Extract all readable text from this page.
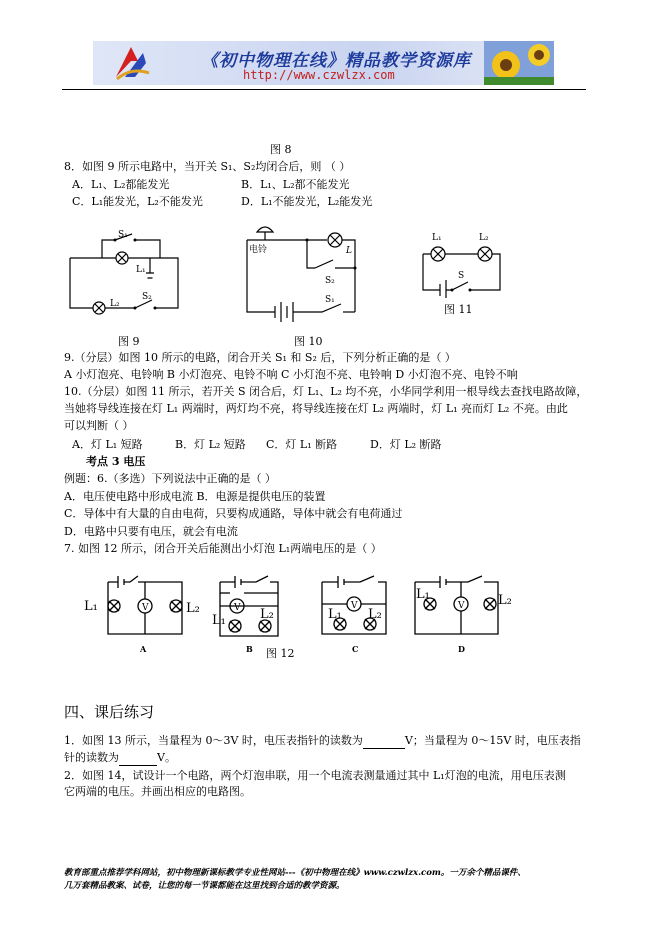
《初中物理在线》精品教学资源库
http://www.czwlzx.com
图 8
8．如图 9 所示电路中，当开关 S₁、S₂均闭合后，则 （ ）
A．L₁、L₂都能发光	B．L₁、L₂都不能发光
C．L₁能发光，L₂不能发光	D．L₁不能发光，L₂能发光
S₁
L₁
L₂
S₂
电铃	L
S₂
S₁
L₁	L₂
S
图 9	图 10
图 11
9.（分层）如图 10 所示的电路，闭合开关 S₁ 和 S₂ 后，下列分析正确的是（ ）
A 小灯泡亮、电铃响 B 小灯泡亮、电铃不响 C 小灯泡不亮、电铃响 D 小灯泡不亮、电铃不响
10.（分层）如图 11 所示，若开关 S 闭合后，灯 L₁、L₂ 均不亮，小华同学利用一根导线去查找电路故障，
当她将导线连接在灯 L₁ 两端时，两灯均不亮，将导线连接在灯 L₂ 两端时，灯 L₁ 亮而灯 L₂ 不亮。由此
可以判断（ ）
A．灯 L₁ 短路	B．灯 L₂ 短路 C．灯 L₁ 断路	D．灯 L₂ 断路
考点 3 电压
例题：6.（多选）下列说法中正确的是（ ）
A．电压使电路中形成电流 B．电源是提供电压的装置
C．导体中有大量的自由电荷，只要构成通路，导体中就会有电荷通过
D．电路中只要有电压，就会有电流
7. 如图 12 所示，闭合开关后能测出小灯泡 L₁两端电压的是（ ）
V	V	V	V
L₁	L₂
L₁	L₂	L₁ L₂
L₁	L₂
A	B	C	D
图 12
四、课后练习
1．如图 13 所示，当量程为 0～3V 时，电压表指针的读数为	V；当量程为 0～15V 时，电压表指
针的读数为	V。
2．如图 14，试设计一个电路，两个灯泡串联，用一个电流表测量通过其中 L₁灯泡的电流，用电压表测
它两端的电压。并画出相应的电路图。
教育部重点推荐学科网站，初中物理新课标教学专业性网站---《初中物理在线》www.czwlzx.com。一万余个精品课件、
几万套精品教案、试卷，让您的每一节课都能在这里找到合适的教学资源。
